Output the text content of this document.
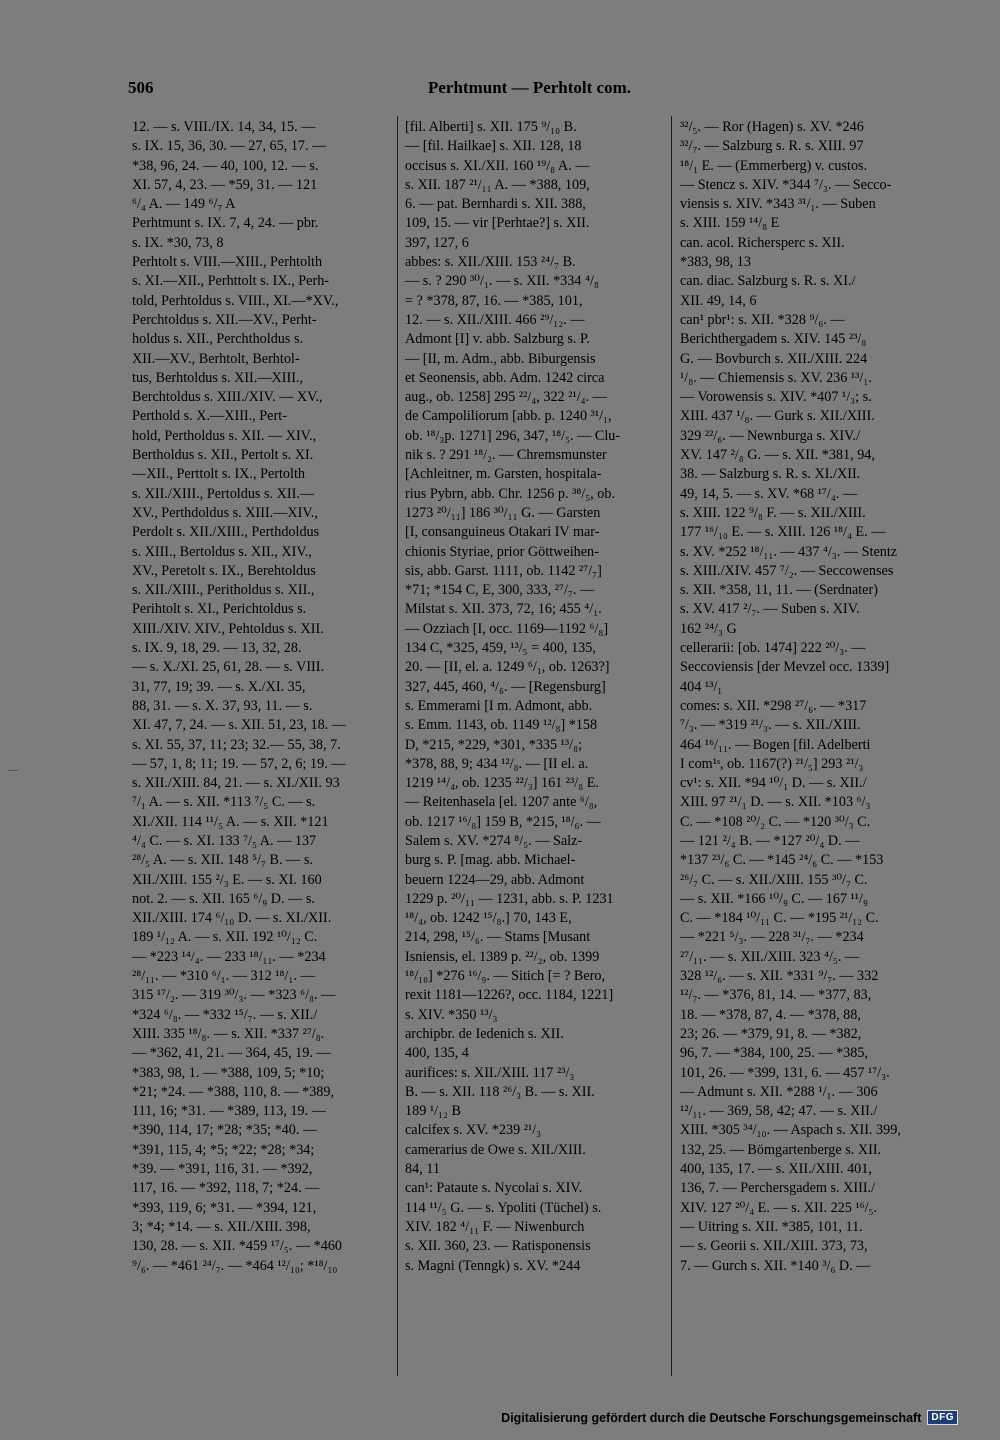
506	Perhtmunt — Perhtolt com.
12. — s. VIII./IX. 14, 34, 15. —
s. IX. 15, 36, 30. — 27, 65, 17. —
*38, 96, 24. — 40, 100, 12. — s.
XI. 57, 4, 23. — *59, 31. — 121
⁶/₄ A. — 149 ⁶/₇ A
Perhtmunt s. IX. 7, 4, 24. — pbr.
s. IX. *30, 73, 8
Perhtolt s. VIII.—XIII., Perhtolth
s. XI.—XII., Perhttolt s. IX., Perh-
told, Perhtoldus s. VIII., XI.—*XV.,
Perchtoldus s. XII.—XV., Perht-
holdus s. XII., Perchtholdus s.
XII.—XV., Berhtolt, Berhtol-
tus, Berhtoldus s. XII.—XIII.,
Berchtoldus s. XIII./XIV. — XV.,
Perthold s. X.—XIII., Pert-
hold, Pertholdus s. XII. — XIV.,
Bertholdus s. XII., Pertolt s. XI.
—XII., Perttolt s. IX., Pertolth
s. XII./XIII., Pertoldus s. XII.—
XV., Perthdoldus s. XIII.—XIV.,
Perdolt s. XII./XIII., Perthdoldus
s. XIII., Bertoldus s. XII., XIV.,
XV., Peretolt s. IX., Berehtoldus
s. XII./XIII., Peritholdus s. XII.,
Perihtolt s. XI., Perichtoldus s.
XIII./XIV. XIV., Pehtoldus s. XII.
s. IX. 9, 18, 29. — 13, 32, 28.
— s. X./XI. 25, 61, 28. — s. VIII.
31, 77, 19; 39. — s. X./XI. 35,
88, 31. — s. X. 37, 93, 11. — s.
XI. 47, 7, 24. — s. XII. 51, 23, 18. —
s. XI. 55, 37, 11; 23; 32.— 55, 38, 7.
— 57, 1, 8; 11; 19. — 57, 2, 6; 19. —
s. XII./XIII. 84, 21. — s. XI./XII. 93
⁷/₁ A. — s. XII. *113 ⁷/₅ C. — s.
XI./XII. 114 ¹¹/₅ A. — s. XII. *121
⁴/₄ C. — s. XI. 133 ⁷/₅ A. — 137
²⁸/₅ A. — s. XII. 148 ⁵/₇ B. — s.
XII./XIII. 155 ²/₃ E. — s. XI. 160
not. 2. — s. XII. 165 ⁶/₉ D. — s.
XII./XIII. 174 ⁶/₁₀ D. — s. XI./XII.
189 ¹/₁₂ A. — s. XII. 192 ¹⁰/₁₂ C.
— *223 ¹⁴/₄. — 233 ¹⁸/₁₁. — *234
²⁸/₁₁. — *310 ⁶/₁. — 312 ¹⁸/₁. —
315 ¹⁷/₂. — 319 ³⁰/₃. — *323 ⁶/₈. —
*324 ⁶/₈. — *332 ¹⁵/₇. — s. XII./
XIII. 335 ¹⁸/₈. — s. XII. *337 ²⁷/₈.
— *362, 41, 21. — 364, 45, 19. —
*383, 98, 1. — *388, 109, 5; *10;
*21; *24. — *388, 110, 8. — *389,
111, 16; *31. — *389, 113, 19. —
*390, 114, 17; *28; *35; *40. —
*391, 115, 4; *5; *22; *28; *34;
*39. — *391, 116, 31. — *392,
117, 16. — *392, 118, 7; *24. —
*393, 119, 6; *31. — *394, 121,
3; *4; *14. — s. XII./XIII. 398,
130, 28. — s. XII. *459 ¹⁷/₅. — *460
⁹/₆. — *461 ²⁴/₇. — *464 ¹²/₁₀; *¹⁸/₁₀
[fil. Alberti] s. XII. 175 ⁹/₁₀ B.
— [fil. Hailkae] s. XII. 128, 18
occisus s. XI./XII. 160 ¹⁹/₈ A. —
s. XII. 187 ²¹/₁₁ A. — *388, 109,
6. — pat. Bernhardi s. XII. 388,
109, 15. — vir [Perhtae?] s. XII.
397, 127, 6
abbes: s. XII./XIII. 153 ²⁴/₇ B.
— s. ? 290 ³⁰/₁. — s. XII. *334 ⁴/₈
= ? *378, 87, 16. — *385, 101,
12. — s. XII./XIII. 466 ²⁹/₁₂. —
Admont [I] v. abb. Salzburg s. P.
— [II, m. Adm., abb. Biburgensis
et Seonensis, abb. Adm. 1242 circa
aug., ob. 1258] 295 ²²/₄, 322 ²¹/₄. —
de Campoliliorum [abb. p. 1240 ³¹/₁,
ob. ¹⁸/₃p. 1271] 296, 347, ¹⁸/₅. — Clu-
nik s. ? 291 ¹⁸/₂. — Chremsmunster
[Achleitner, m. Garsten, hospitala-
rius Pybrn, abb. Chr. 1256 p. ³⁸/₅, ob.
1273 ²⁰/₁₁] 186 ³⁰/₁₁ G. — Garsten
[I, consanguineus Otakari IV mar-
chionis Styriae, prior Göttweihen-
sis, abb. Garst. 1111, ob. 1142 ²⁷/₇]
*71; *154 C, E, 300, 333, ²⁷/₇. —
Milstat s. XII. 373, 72, 16; 455 ⁴/₁.
— Ozziach [I, occ. 1169—1192 ⁶/₈]
134 C, *325, 459, ¹³/₅ = 400, 135,
20. — [II, el. a. 1249 ⁶/₁, ob. 1263?]
327, 445, 460, ⁴/₆. — [Regensburg]
s. Emmerami [I m. Admont, abb.
s. Emm. 1143, ob. 1149 ¹²/₈] *158
D, *215, *229, *301, *335 ¹³/₈;
*378, 88, 9; 434 ¹²/₈. — [II el. a.
1219 ¹⁴/₄, ob. 1235 ²²/₃] 161 ²³/₈ E.
— Reitenhasela [el. 1207 ante ⁶/₈,
ob. 1217 ¹⁶/₈] 159 B, *215, ¹⁸/₆. —
Salem s. XV. *274 ⁸/₅. — Salz-
burg s. P. [mag. abb. Michael-
beuern 1224—29, abb. Admont
1229 p. ²⁰/₁₁ — 1231, abb. s. P. 1231
¹⁸/₄, ob. 1242 ¹⁵/₈.] 70, 143 E,
214, 298, ¹⁵/₆. — Stams [Musant
Isniensis, el. 1389 p. ²²/₂, ob. 1399
¹⁸/₁₀] *276 ¹⁶/₉. — Sitich [= ? Bero,
rexit 1181—1226?, occ. 1184, 1221]
s. XIV. *350 ¹³/₃
archipbr. de Iedenich s. XII.
400, 135, 4
aurifices: s. XII./XIII. 117 ²³/₃
B. — s. XII. 118 ²⁶/₃ B. — s. XII.
189 ¹/₁₂ B
calcifex s. XV. *239 ²¹/₃
camerarius de Owe s. XII./XIII.
84, 11
can¹: Pataute s. Nycolai s. XIV.
114 ¹¹/₅ G. — s. Ypoliti (Tüchel) s.
XIV. 182 ⁴/₁₁ F. — Niwenburch
s. XII. 360, 23. — Ratisponensis
s. Magni (Tenngk) s. XV. *244
³²/₅. — Ror (Hagen) s. XV. *246
³²/₇. — Salzburg s. R. s. XIII. 97
¹⁸/₁ E. — (Emmerberg) v. custos.
— Stencz s. XIV. *344 ⁷/₃. — Secco-
viensis s. XIV. *343 ³¹/₁. — Suben
s. XIII. 159 ¹⁴/₈ E
can. acol. Richersperc s. XII.
*383, 98, 13
can. diac. Salzburg s. R. s. XI./
XII. 49, 14, 6
can¹ pbr¹: s. XII. *328 ⁹/₆. —
Berichthergadem s. XIV. 145 ²³/₈
G. — Bovburch s. XII./XIII. 224
¹/₈. — Chiemensis s. XV. 236 ¹³/₁.
— Vorowensis s. XIV. *407 ¹/₃; s.
XIII. 437 ¹/₈. — Gurk s. XII./XIII.
329 ²²/₆. — Newnburga s. XIV./
XV. 147 ²/₈ G. — s. XII. *381, 94,
38. — Salzburg s. R. s. XI./XII.
49, 14, 5. — s. XV. *68 ¹⁷/₄. —
s. XIII. 122 ⁹/₈ F. — s. XII./XIII.
177 ¹⁶/₁₀ E. — s. XIII. 126 ¹⁸/₄ E. —
s. XV. *252 ¹⁸/₁₁. — 437 ⁴/₃. — Stentz
s. XIII./XIV. 457 ⁷/₂. — Seccowenses
s. XII. *358, 11, 11. — (Serdnater)
s. XV. 417 ²/₇. — Suben s. XIV.
162 ²⁴/₃ G
cellerarii: [ob. 1474] 222 ²⁰/₃. —
Seccoviensis [der Mevzel occ. 1339]
404 ¹³/₁
comes: s. XII. *298 ²⁷/₆. — *317
⁷/₃. — *319 ²¹/₃. — s. XII./XIII.
464 ¹⁶/₁₁. — Bogen [fil. Adelberti
I com¹ˢ, ob. 1167(?) ²¹/₅] 293 ²¹/₃
cv¹: s. XII. *94 ¹⁰/₁ D. — s. XII./
XIII. 97 ²¹/₁ D. — s. XII. *103 ⁶/₃
C. — *108 ²⁰/₂ C. — *120 ³⁰/₃ C.
— 121 ²/₄ B. — *127 ²⁰/₄ D. —
*137 ²³/₆ C. — *145 ²⁴/₆ C. — *153
²⁶/₇ C. — s. XII./XIII. 155 ³⁰/₇ C.
— s. XII. *166 ¹⁰/₉ C. — 167 ¹¹/₉
C. — *184 ¹⁰/₁₁ C. — *195 ²¹/₁₂ C.
— *221 ⁵/₃. — 228 ³¹/₇. — *234
²⁷/₁₁. — s. XII./XIII. 323 ⁴/₅. —
328 ¹²/₆. — s. XII. *331 ⁹/₇. — 332
¹²/₇. — *376, 81, 14. — *377, 83,
18. — *378, 87, 4. — *378, 88,
23; 26. — *379, 91, 8. — *382,
96, 7. — *384, 100, 25. — *385,
101, 26. — *399, 131, 6. — 457 ¹⁷/₃.
— Admunt s. XII. *288 ¹/₁. — 306
¹²/₁₁. — 369, 58, 42; 47. — s. XII./
XIII. *305 ³⁴/₁₀. — Aspach s. XII. 399,
132, 25. — Bömgartenberge s. XII.
400, 135, 17. — s. XII./XIII. 401,
136, 7. — Perchersgadem s. XIII./
XIV. 127 ²⁰/₄ E. — s. XII. 225 ¹⁶/₅.
— Uitring s. XII. *385, 101, 11.
— s. Georii s. XII./XIII. 373, 73,
7. — Gurch s. XII. *140 ³/₆ D. —
Digitalisierung gefördert durch die Deutsche Forschungsgemeinschaft	DFG
